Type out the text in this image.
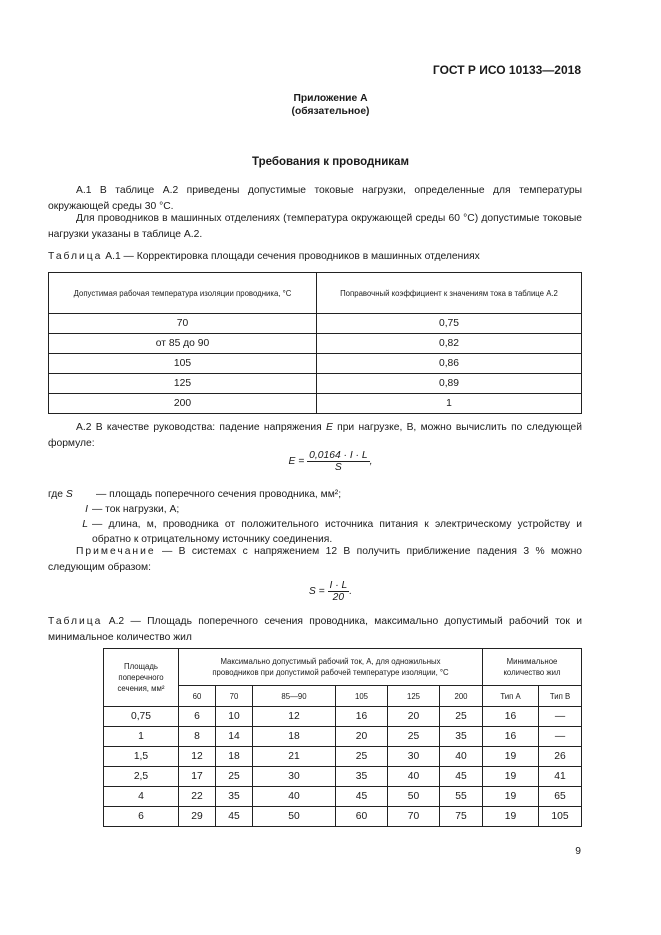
ГОСТ Р ИСО 10133—2018
Приложение А
(обязательное)
Требования к проводникам
А.1 В таблице А.2 приведены допустимые токовые нагрузки, определенные для температуры окружающей среды 30 °С.
Для проводников в машинных отделениях (температура окружающей среды 60 °С) допустимые токовые нагрузки указаны в таблице А.2.
Таблица А.1 — Корректировка площади сечения проводников в машинных отделениях
Допустимая рабочая температура изоляции проводника, °С	Поправочный коэффициент к значениям тока в таблице А.2
70	0,75
от 85 до 90	0,82
105	0,86
125	0,89
200	1
А.2 В качестве руководства: падение напряжения E при нагрузке, В, можно вычислить по следующей формуле:
$E = \frac{0,0164 \cdot I \cdot L}{S}$ ,
где S	— площадь поперечного сечения проводника, мм²;
I — ток нагрузки, А;
L — длина, м, проводника от положительного источника питания к электрическому устройству и обратно к отрицательному источнику соединения.
Примечание — В системах с напряжением 12 В получить приближение падения 3 % можно следующим образом:
$S = \frac{I \cdot L}{20}$ .
Таблица А.2 — Площадь поперечного сечения проводника, максимально допустимый рабочий ток и минимальное количество жил
Площадь поперечного сечения, мм²	Максимально допустимый рабочий ток, А, для одножильных проводников при допустимой рабочей температуре изоляции, °С						Минимальное количество жил	
	60	70	85—90	105	125	200	Тип А	Тип В
0,75	6	10	12	16	20	25	16	—
1	8	14	18	20	25	35	16	—
1,5	12	18	21	25	30	40	19	26
2,5	17	25	30	35	40	45	19	41
4	22	35	40	45	50	55	19	65
6	29	45	50	60	70	75	19	105
9
